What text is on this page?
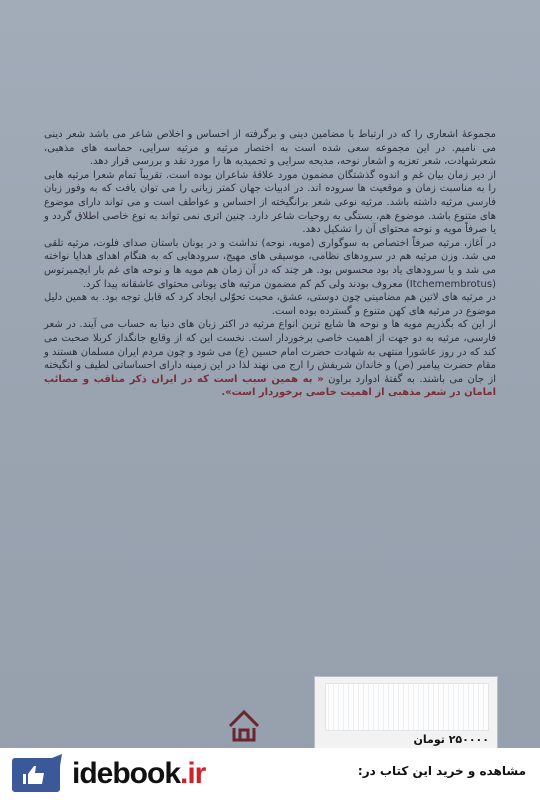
مجموعهٔ اشعاری را که در ارتباط با مضامین دینی و برگرفته از احساس و اخلاص شاعر می باشد شعر دینی می نامیم. در این مجموعه سعی شده است به اختصار مرثیه و مرثیه سرایی، حماسه های مذهبی، شعرشهادت، شعر تعزیه و اشعار نوحه، مدیحه سرایی و تحمیدیه ها را مورد نقد و بررسی قرار دهد.

از دیر زمان بیان غم و اندوه گذشتگان مضمون مورد علاقهٔ شاعران بوده است. تقریباً تمام شعرا مرثیه هایی را به مناسبت زمان و موقعیت ها سروده اند. در ادبیات جهان کمتر زبانی را می توان یافت که به وفور زبان فارسی مرثیه داشته باشد. مرثیه نوعی شعر برانگیخته از احساس و عواطف است و می تواند دارای موضوع های متنوع باشد. موضوع هم، بستگی به روحیات شاعر دارد. چنین اثری نمی تواند به نوع خاصی اطلاق گردد و یا صرفاً مویه و نوحه محتوای آن را تشکیل دهد.

در آغاز، مرثیه صرفاً اختصاص به سوگواری (مویه، نوحه) نداشت و در یونان باستان صدای فلوت، مرثیه تلقی می شد. وزن مرثیه هم در سرودهای نظامی، موسیقی های مهیج، سرودهایی که به هنگام اهدای هدایا نواخته می شد و یا سرودهای یاد بود محسوس بود. هر چند که در آن زمان هم مویه ها و نوحه های غم بار ایچمبرتوس (Itchemembrotus) معروف بودند ولی کم کم مضمون مرثیه های یونانی محتوای عاشقانه پیدا کرد.

در مرثیه های لاتین هم مضامینی چون دوستی، عشق، محبت تحوّلی ایجاد کرد که قابل توجه بود. به همین دلیل موضوع در مرثیه های کهن متنوع و گسترده بوده است.

از این که بگذریم مویه ها و نوحه ها شایع ترین انواع مرثیه در اکثر زبان های دنیا به حساب می آیند. در شعر فارسی، مرثیه به دو جهت از اهمیت خاصی برخوردار است. نخست این که از وقایع جانگداز کربلا صحبت می کند که در روز عاشورا منتهی به شهادت حضرت امام حسین (ع) می شود و چون مردم ایران مسلمان هستند و مقام حضرت پیامبر (ص) و خاندان شریفش را ارج می نهند لذا در این زمینه دارای احساساتی لطیف و انگیخته از جان می باشند. به گفتهٔ ادوارد براون « به همین سبب است که در ایران ذکر مناقب و مصائب امامان در شعر مذهبی از اهمیت خاصی برخوردار است».

۲۵۰۰۰۰ تومان
idebook.ir	مشاهده و خرید این کتاب در:
